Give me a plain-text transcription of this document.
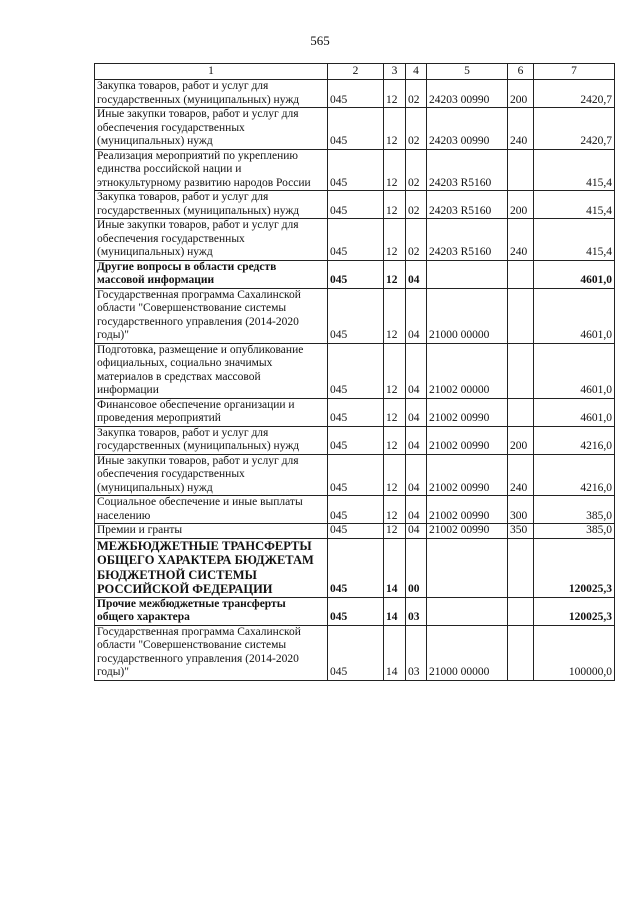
565
1	2	3	4	5	6	7
Закупка товаров, работ и услуг для государственных (муниципальных) нужд	045	12	02	24203 00990	200	2420,7
Иные закупки товаров, работ и услуг для обеспечения государственных (муниципальных) нужд	045	12	02	24203 00990	240	2420,7
Реализация мероприятий по укреплению единства российской нации и этнокультурному развитию народов России	045	12	02	24203 R5160		415,4
Закупка товаров, работ и услуг для государственных (муниципальных) нужд	045	12	02	24203 R5160	200	415,4
Иные закупки товаров, работ и услуг для обеспечения государственных (муниципальных) нужд	045	12	02	24203 R5160	240	415,4
Другие вопросы в области средств массовой информации	045	12	04			4601,0
Государственная программа Сахалинской области "Совершенствование системы государственного управления (2014-2020 годы)"	045	12	04	21000 00000		4601,0
Подготовка, размещение и опубликование официальных, социально значимых материалов в средствах массовой информации	045	12	04	21002 00000		4601,0
Финансовое обеспечение организации и проведения мероприятий	045	12	04	21002 00990		4601,0
Закупка товаров, работ и услуг для государственных (муниципальных) нужд	045	12	04	21002 00990	200	4216,0
Иные закупки товаров, работ и услуг для обеспечения государственных (муниципальных) нужд	045	12	04	21002 00990	240	4216,0
Социальное обеспечение и иные выплаты населению	045	12	04	21002 00990	300	385,0
Премии и гранты	045	12	04	21002 00990	350	385,0
МЕЖБЮДЖЕТНЫЕ ТРАНСФЕРТЫ ОБЩЕГО ХАРАКТЕРА БЮДЖЕТАМ БЮДЖЕТНОЙ СИСТЕМЫ РОССИЙСКОЙ ФЕДЕРАЦИИ	045	14	00			120025,3
Прочие межбюджетные трансферты общего характера	045	14	03			120025,3
Государственная программа Сахалинской области "Совершенствование системы государственного управления (2014-2020 годы)"	045	14	03	21000 00000		100000,0
